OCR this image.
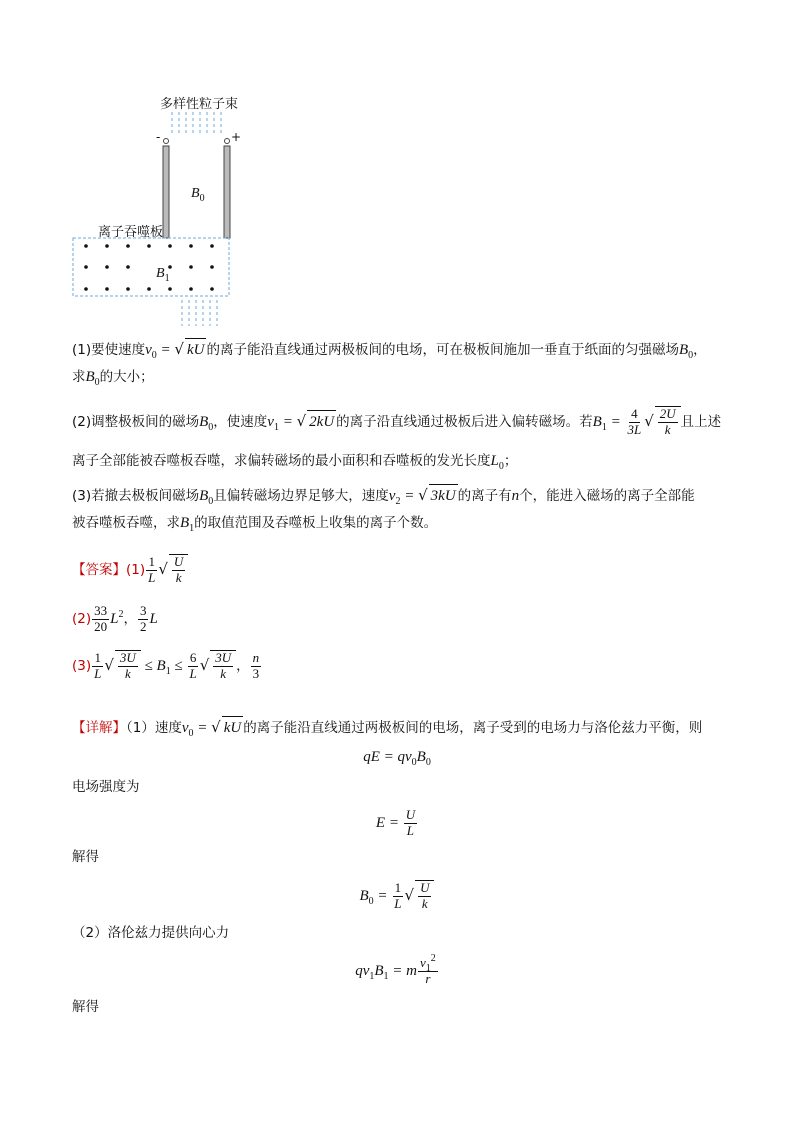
多样性粒子束
-	+
$B_0$
离子吞噬板
$B_1$
(1)要使速度$v_0$ = √ kU 的离子能沿直线通过两极板间的电场，可在极板间施加一垂直于纸面的匀强磁场$B_0$，
求$B_0$的大小；
(2)调整极板间的磁场$B_0$，使速度$v_1$ = √ 2kU 的离子沿直线通过极板后进入偏转磁场。若$B_1 = \frac{4}{3L}$ √ $\frac{2U}{k}$ 且上述
离子全部能被吞噬板吞噬，求偏转磁场的最小面积和吞噬板的发光长度$L_0$；
(3)若撤去极板间磁场$B_0$且偏转磁场边界足够大，速度$v_2$ = √ 3kU 的离子有n个，能进入磁场的离子全部能
被吞噬板吞噬，求$B_1$的取值范围及吞噬板上收集的离子个数。
【答案】$(1) \frac{1}{L}$ √ $\frac{U}{k}$
$(2) \frac{33}{20} L^2$， $\frac{3}{2}$ L
$(3) \frac{1}{L}$ √ $\frac{3U}{k} \le B_1 \le \frac{6}{L}$ √ $\frac{3U}{k}$ ， $\frac{n}{3}$
【详解】（1）速度$v_0$ = √ kU 的离子能沿直线通过两极板间的电场，离子受到的电场力与洛伦兹力平衡，则
qE = $qv_0B_0$
电场强度为
$E = \frac{U}{L}$
解得
$B_0 = \frac{1}{L}$ √ $\frac{U}{k}$
（2）洛伦兹力提供向心力
$qv_1B_1 = m \frac{v_1^2}{r}$
解得
